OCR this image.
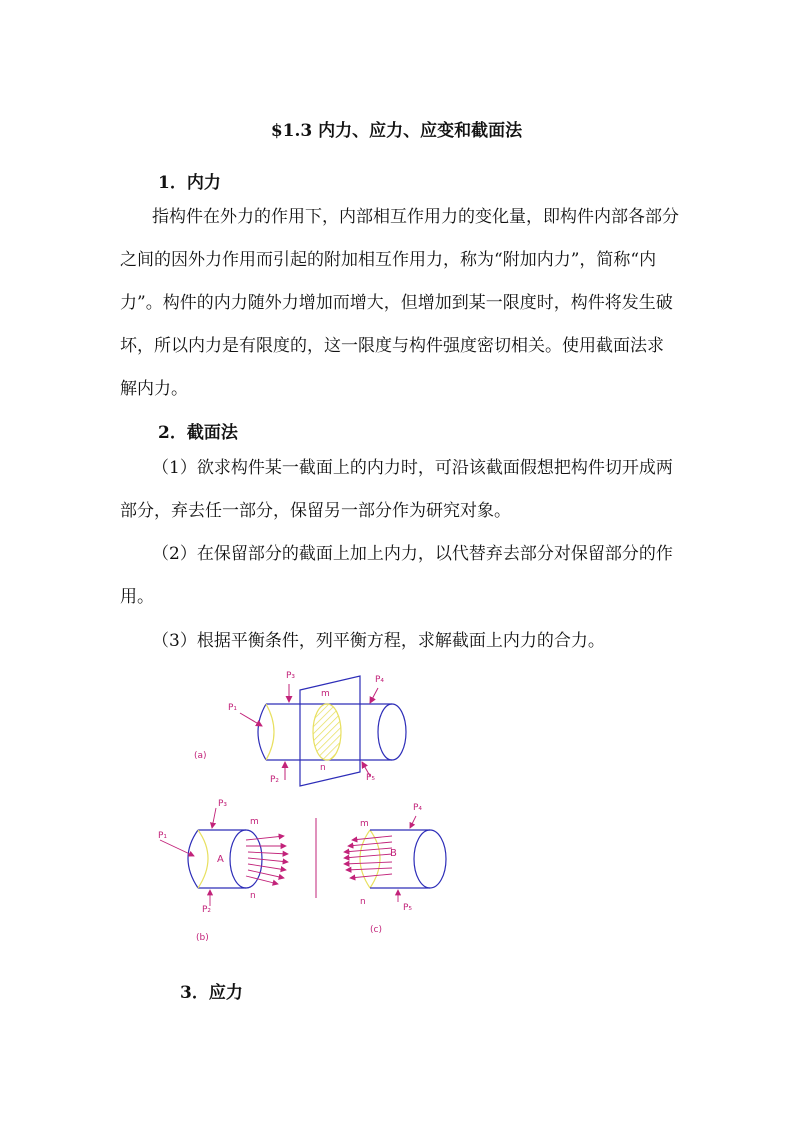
$1.3 内力、应力、应变和截面法
1．内力

指构件在外力的作用下，内部相互作用力的变化量，即构件内部各部分之间的因外力作用而引起的附加相互作用力，称为“附加内力”，简称“内力”。构件的内力随外力增加而增大，但增加到某一限度时，构件将发生破坏，所以内力是有限度的，这一限度与构件强度密切相关。使用截面法求解内力。

2．截面法

（1）欲求构件某一截面上的内力时，可沿该截面假想把构件切开成两部分，弃去任一部分，保留另一部分作为研究对象。

（2）在保留部分的截面上加上内力，以代替弃去部分对保留部分的作用。

（3）根据平衡条件，列平衡方程，求解截面上内力的合力。
P₁
P₃	P₄
P₂	P₅
m
n
(a)
P₁
P₃
P₂
m
n
A
(b)
m
n
P₄
P₅
B
(c)
3．应力
